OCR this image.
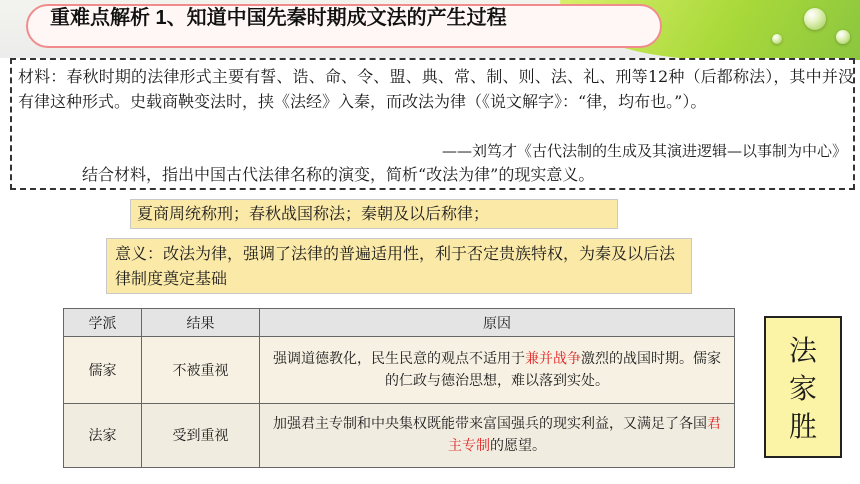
重难点解析 1、知道中国先秦时期成文法的产生过程
材料：春秋时期的法律形式主要有誓、诰、命、令、盟、典、常、制、则、法、礼、刑等12种（后都称法），其中并没有律这种形式。史载商鞅变法时，挟《法经》入秦，而改法为律（《说文解字》：“律，均布也。”）。
——刘笃才《古代法制的生成及其演进逻辑—以事制为中心》
结合材料，指出中国古代法律名称的演变，简析“改法为律”的现实意义。
夏商周统称刑；春秋战国称法；秦朝及以后称律；
意义：改法为律，强调了法律的普遍适用性，利于否定贵族特权，为秦及以后法律制度奠定基础
学派	结果	原因
儒家	不被重视	强调道德教化，民生民意的观点不适用于兼并战争激烈的战国时期。儒家的仁政与德治思想，难以落到实处。
法家	受到重视	加强君主专制和中央集权既能带来富国强兵的现实利益，又满足了各国君主专制的愿望。
法
家
胜
